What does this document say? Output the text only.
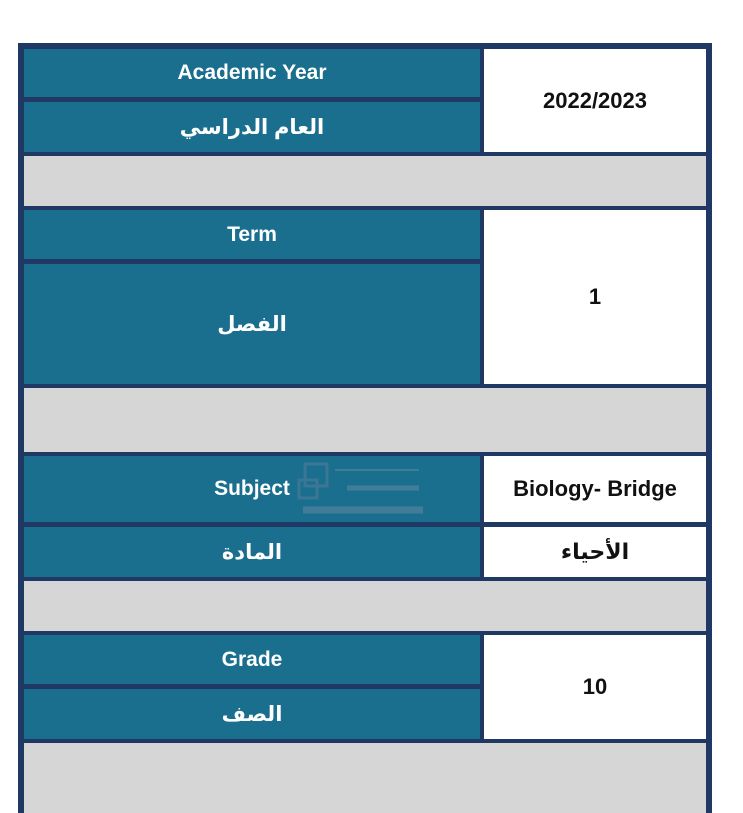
Academic Year
العام الدراسي
2022/2023
Term
الفصل
1
Subject	Biology- Bridge
المادة	الأحياء
Grade
الصف
10
